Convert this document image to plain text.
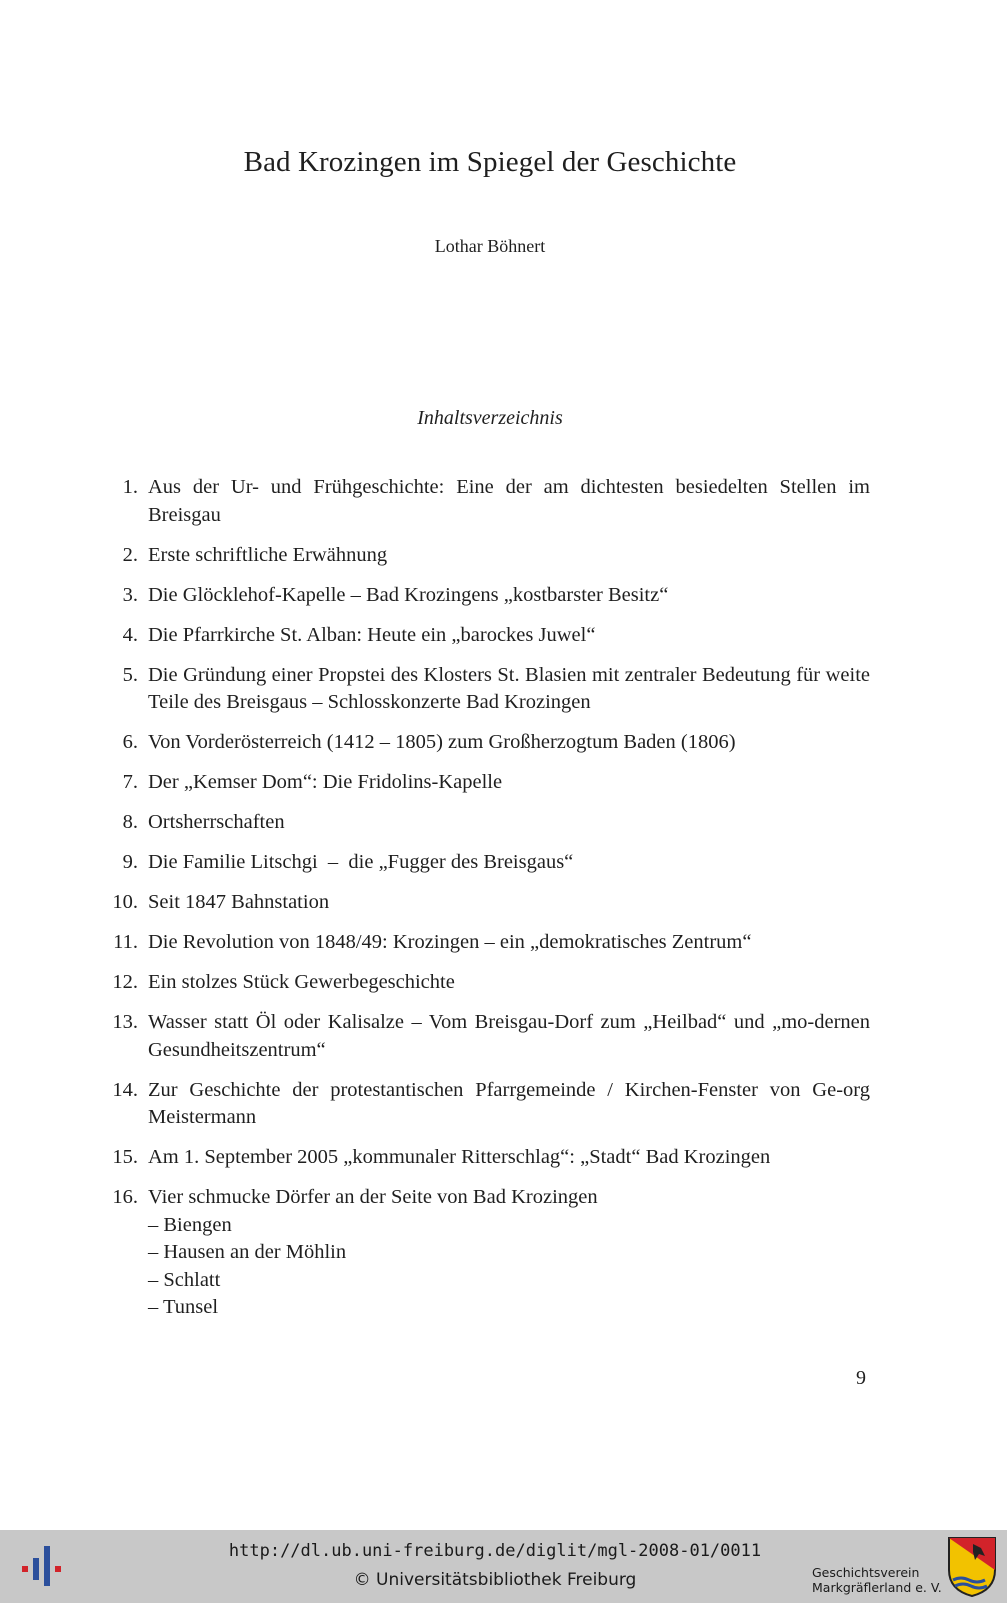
Bad Krozingen im Spiegel der Geschichte
Lothar Böhnert
Inhaltsverzeichnis
1. Aus der Ur- und Frühgeschichte: Eine der am dichtesten besiedelten Stellen im Breisgau
2. Erste schriftliche Erwähnung
3. Die Glöcklehof-Kapelle – Bad Krozingens „kostbarster Besitz“
4. Die Pfarrkirche St. Alban: Heute ein „barockes Juwel“
5. Die Gründung einer Propstei des Klosters St. Blasien mit zentraler Bedeutung für weite Teile des Breisgaus – Schlosskonzerte Bad Krozingen
6. Von Vorderösterreich (1412 – 1805) zum Großherzogtum Baden (1806)
7. Der „Kemser Dom“: Die Fridolins-Kapelle
8. Ortsherrschaften
9. Die Familie Litschgi  –  die „Fugger des Breisgaus“
10. Seit 1847 Bahnstation
11. Die Revolution von 1848/49: Krozingen – ein „demokratisches Zentrum“
12. Ein stolzes Stück Gewerbegeschichte
13. Wasser statt Öl oder Kalisalze – Vom Breisgau-Dorf zum „Heilbad“ und „mo-dernen Gesundheitszentrum“
14. Zur Geschichte der protestantischen Pfarrgemeinde / Kirchen-Fenster von Ge-org Meistermann
15. Am 1. September 2005 „kommunaler Ritterschlag“: „Stadt“ Bad Krozingen
16. Vier schmucke Dörfer an der Seite von Bad Krozingen
– Biengen
– Hausen an der Möhlin
– Schlatt
– Tunsel
9
http://dl.ub.uni-freiburg.de/diglit/mgl-2008-01/0011
© Universitätsbibliothek Freiburg	Geschichtsverein
Markgräflerland e. V.
